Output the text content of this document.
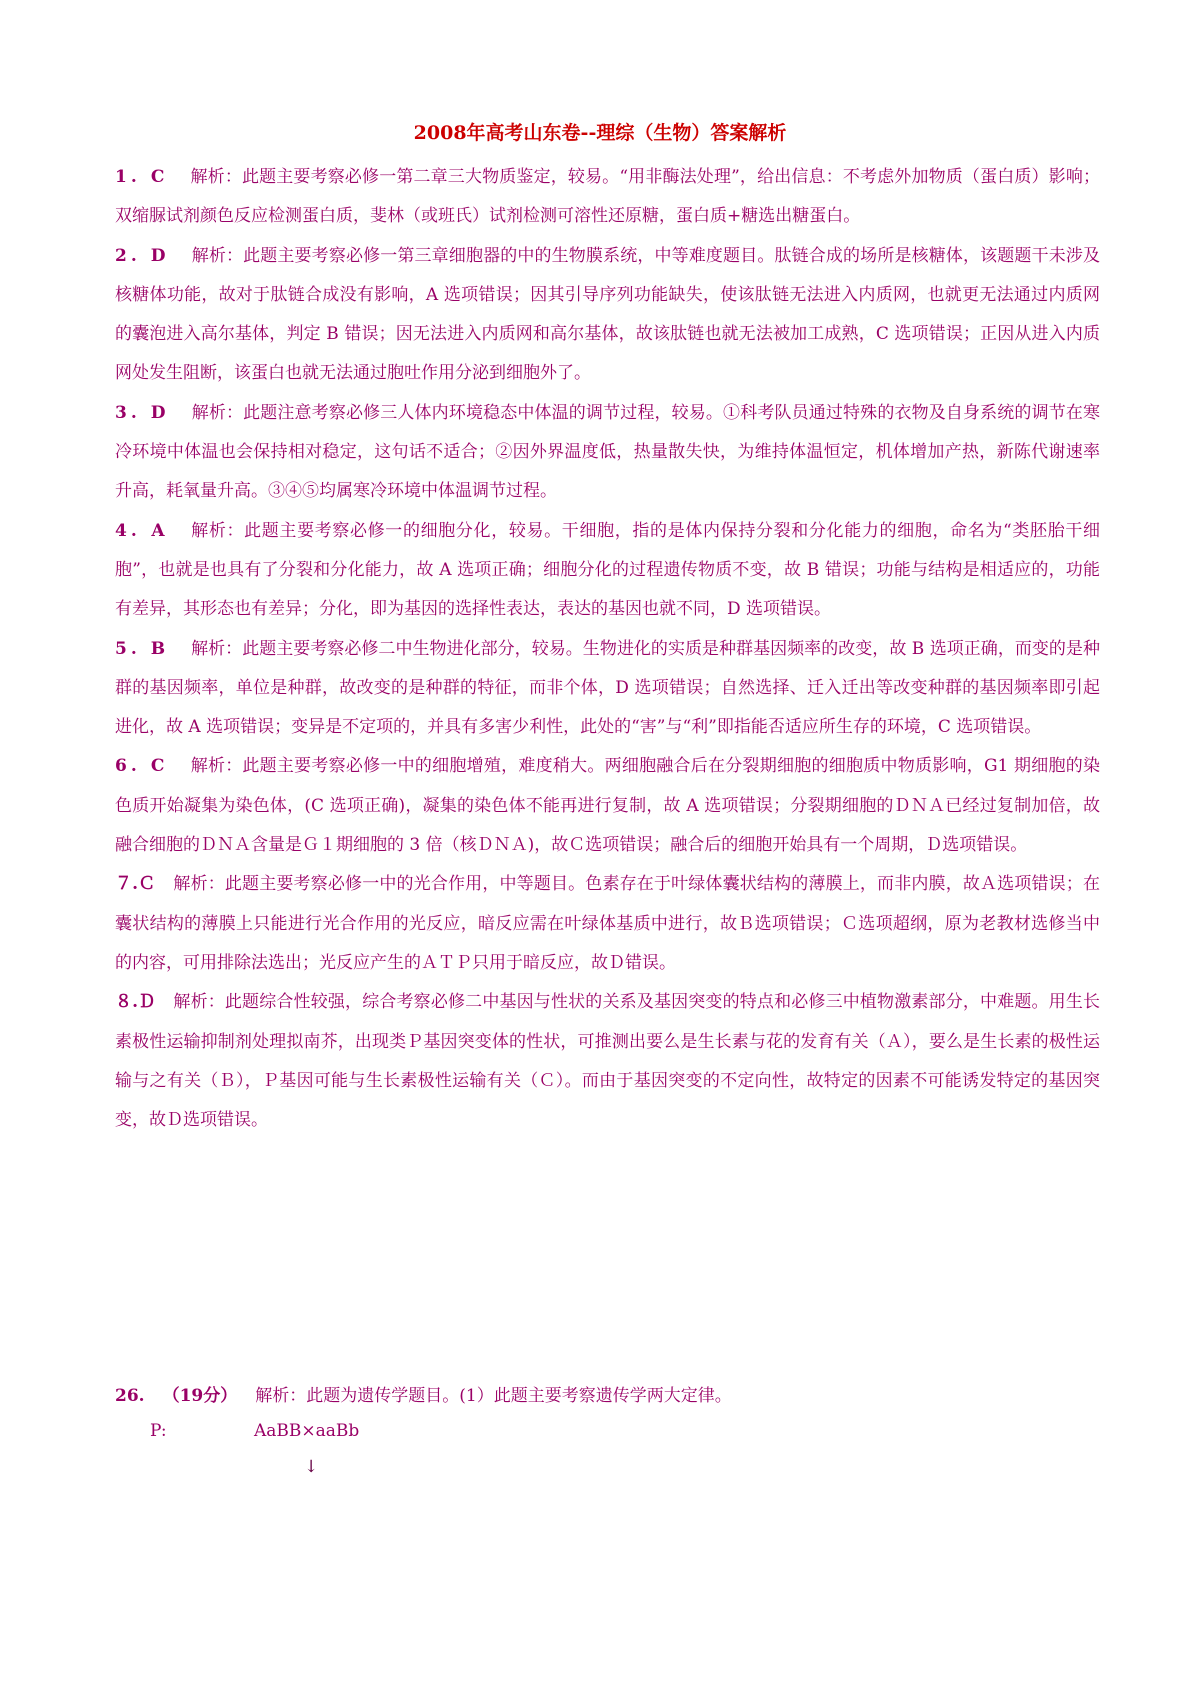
2008年高考山东卷--理综（生物）答案解析

1. C 解析：此题主要考察必修一第二章三大物质鉴定，较易。“用非酶法处理”，给出信息：不考虑外加物质（蛋白质）影响；双缩脲试剂颜色反应检测蛋白质，斐林（或班氏）试剂检测可溶性还原糖，蛋白质+糖选出糖蛋白。

2. D 解析：此题主要考察必修一第三章细胞器的中的生物膜系统，中等难度题目。肽链合成的场所是核糖体，该题题干未涉及核糖体功能，故对于肽链合成没有影响，A 选项错误；因其引导序列功能缺失，使该肽链无法进入内质网，也就更无法通过内质网的囊泡进入高尔基体，判定 B 错误；因无法进入内质网和高尔基体，故该肽链也就无法被加工成熟，C 选项错误；正因从进入内质网处发生阻断，该蛋白也就无法通过胞吐作用分泌到细胞外了。

3. D 解析：此题注意考察必修三人体内环境稳态中体温的调节过程，较易。①科考队员通过特殊的衣物及自身系统的调节在寒冷环境中体温也会保持相对稳定，这句话不适合；②因外界温度低，热量散失快，为维持体温恒定，机体增加产热，新陈代谢速率升高，耗氧量升高。③④⑤均属寒冷环境中体温调节过程。

4. A 解析：此题主要考察必修一的细胞分化，较易。干细胞，指的是体内保持分裂和分化能力的细胞，命名为“类胚胎干细胞”，也就是也具有了分裂和分化能力，故 A 选项正确；细胞分化的过程遗传物质不变，故 B 错误；功能与结构是相适应的，功能有差异，其形态也有差异；分化，即为基因的选择性表达，表达的基因也就不同，D 选项错误。

5. B 解析：此题主要考察必修二中生物进化部分，较易。生物进化的实质是种群基因频率的改变，故 B 选项正确，而变的是种群的基因频率，单位是种群，故改变的是种群的特征，而非个体，D 选项错误；自然选择、迁入迁出等改变种群的基因频率即引起进化，故 A 选项错误；变异是不定项的，并具有多害少利性，此处的“害”与“利”即指能否适应所生存的环境，C 选项错误。

6. C 解析：此题主要考察必修一中的细胞增殖，难度稍大。两细胞融合后在分裂期细胞的细胞质中物质影响，G1 期细胞的染色质开始凝集为染色体，(C 选项正确)，凝集的染色体不能再进行复制，故 A 选项错误；分裂期细胞的ＤＮＡ已经过复制加倍，故融合细胞的ＤＮＡ含量是Ｇ１期细胞的 3 倍（核ＤＮＡ)，故Ｃ选项错误；融合后的细胞开始具有一个周期，Ｄ选项错误。

７.Ｃ 解析：此题主要考察必修一中的光合作用，中等题目。色素存在于叶绿体囊状结构的薄膜上，而非内膜，故Ａ选项错误；在囊状结构的薄膜上只能进行光合作用的光反应，暗反应需在叶绿体基质中进行，故Ｂ选项错误；Ｃ选项超纲，原为老教材选修当中的内容，可用排除法选出；光反应产生的ＡＴＰ只用于暗反应，故Ｄ错误。

８.Ｄ 解析：此题综合性较强，综合考察必修二中基因与性状的关系及基因突变的特点和必修三中植物激素部分，中难题。用生长素极性运输抑制剂处理拟南芥，出现类Ｐ基因突变体的性状，可推测出要么是生长素与花的发育有关（Ａ），要么是生长素的极性运输与之有关（Ｂ），Ｐ基因可能与生长素极性运输有关（Ｃ）。而由于基因突变的不定向性，故特定的因素不可能诱发特定的基因突变，故Ｄ选项错误。

26. （19分） 解析：此题为遗传学题目。(1）此题主要考察遗传学两大定律。
P:	AaBB×aaBb
↓
